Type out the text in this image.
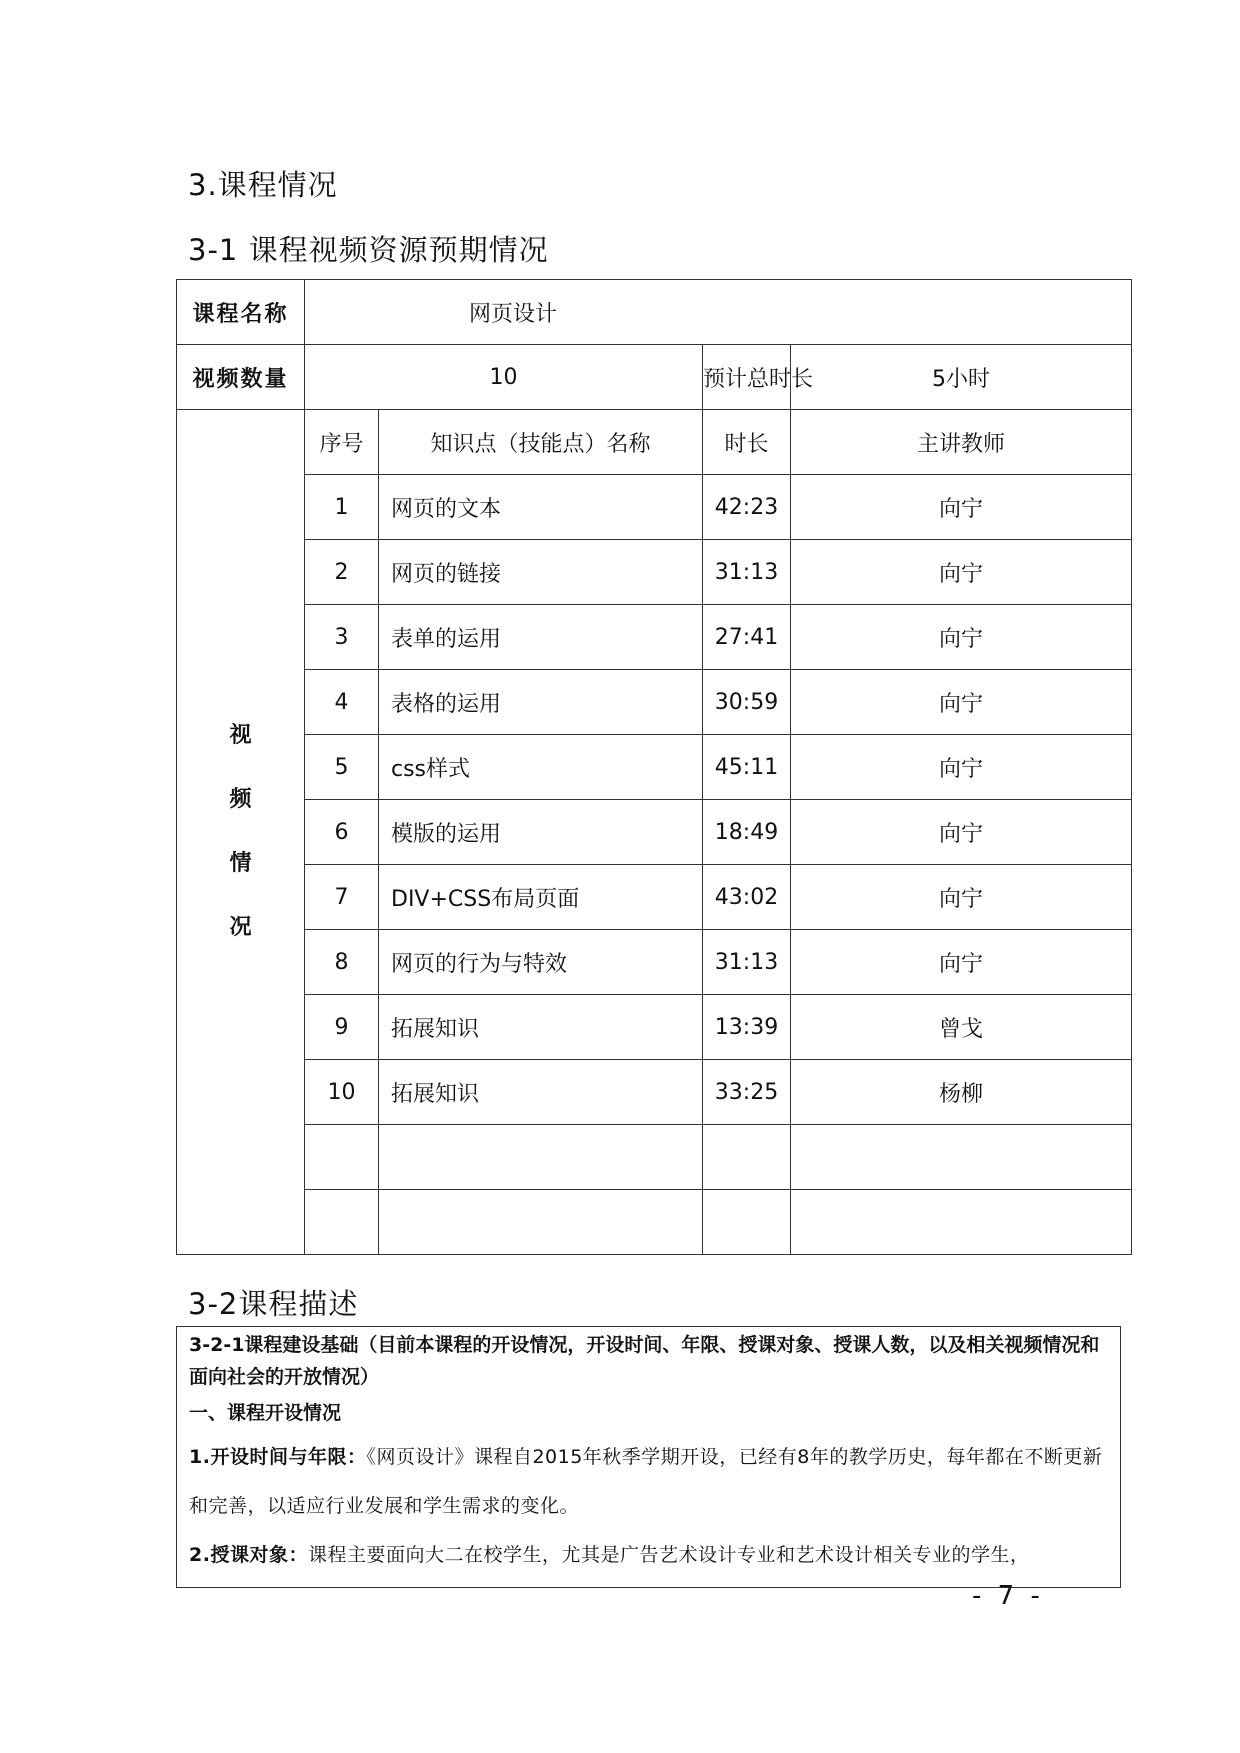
3.课程情况
3-1 课程视频资源预期情况
课程名称	网页设计			
视频数量	10		预计总时长	5小时

视
频
情
况	序号	知识点（技能点）名称	时长	主讲教师
	1	网页的文本	42:23	向宁
	2	网页的链接	31:13	向宁
	3	表单的运用	27:41	向宁
	4	表格的运用	30:59	向宁
	5	css样式	45:11	向宁
	6	模版的运用	18:49	向宁
	7	DIV+CSS布局页面	43:02	向宁
	8	网页的行为与特效	31:13	向宁
	9	拓展知识	13:39	曾戈
	10	拓展知识	33:25	杨柳

3-2课程描述

3-2-1课程建设基础（目前本课程的开设情况，开设时间、年限、授课对象、授课人数，以及相关视频情况和面向社会的开放情况）

一、课程开设情况

1.开设时间与年限：《网页设计》课程自2015年秋季学期开设，已经有8年的教学历史，每年都在不断更新和完善，以适应行业发展和学生需求的变化。

2.授课对象：课程主要面向大二在校学生，尤其是广告艺术设计专业和艺术设计相关专业的学生，

- 7 -
